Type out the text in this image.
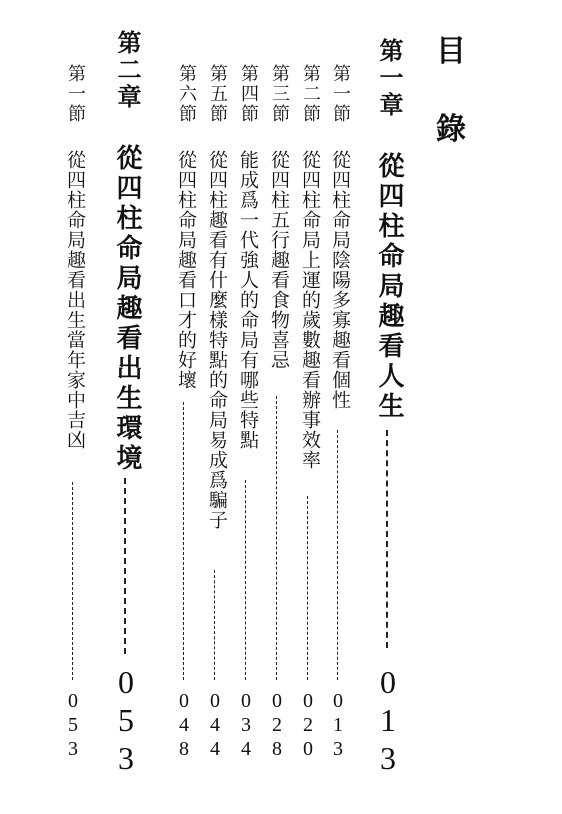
目
錄
第一章
從四柱命局趣看人生
013
第一節
從四柱命局陰陽多寡趣看個性
013
第二節
從四柱命局上運的歲數趣看辦事效率
020
第三節
從四柱五行趣看食物喜忌
028
第四節
能成爲一代強人的命局有哪些特點
034
第五節
從四柱趣看有什麼樣特點的命局易成爲騙子
044
第六節
從四柱命局趣看口才的好壞
048
第二章
從四柱命局趣看出生環境
053
第一節
從四柱命局趣看出生當年家中吉凶
053
